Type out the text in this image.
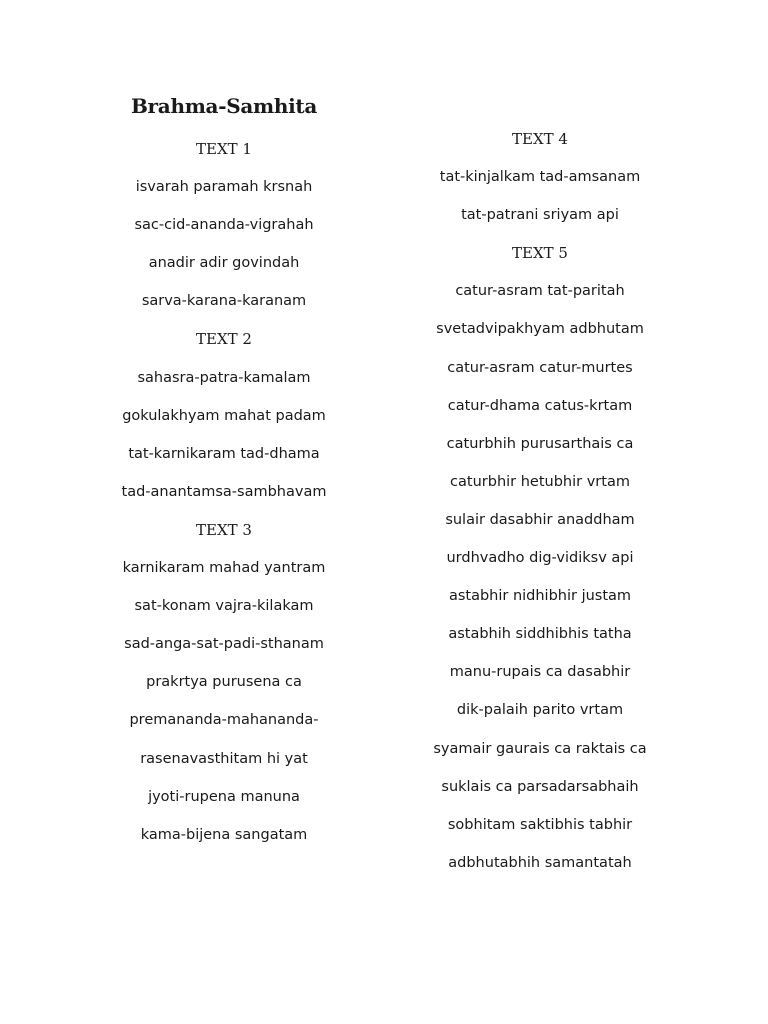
Brahma-Samhita
TEXT 1
isvarah paramah krsnah
sac-cid-ananda-vigrahah
anadir adir govindah
sarva-karana-karanam
TEXT 2
sahasra-patra-kamalam
gokulakhyam mahat padam
tat-karnikaram tad-dhama
tad-anantamsa-sambhavam
TEXT 3
karnikaram mahad yantram
sat-konam vajra-kilakam
sad-anga-sat-padi-sthanam
prakrtya purusena ca
premananda-mahananda-
rasenavasthitam hi yat
jyoti-rupena manuna
kama-bijena sangatam
TEXT 4
tat-kinjalkam tad-amsanam
tat-patrani sriyam api
TEXT 5
catur-asram tat-paritah
svetadvipakhyam adbhutam
catur-asram catur-murtes
catur-dhama catus-krtam
caturbhih purusarthais ca
caturbhir hetubhir vrtam
sulair dasabhir anaddham
urdhvadho dig-vidiksv api
astabhir nidhibhir justam
astabhih siddhibhis tatha
manu-rupais ca dasabhir
dik-palaih parito vrtam
syamair gaurais ca raktais ca
suklais ca parsadarsabhaih
sobhitam saktibhis tabhir
adbhutabhih samantatah
